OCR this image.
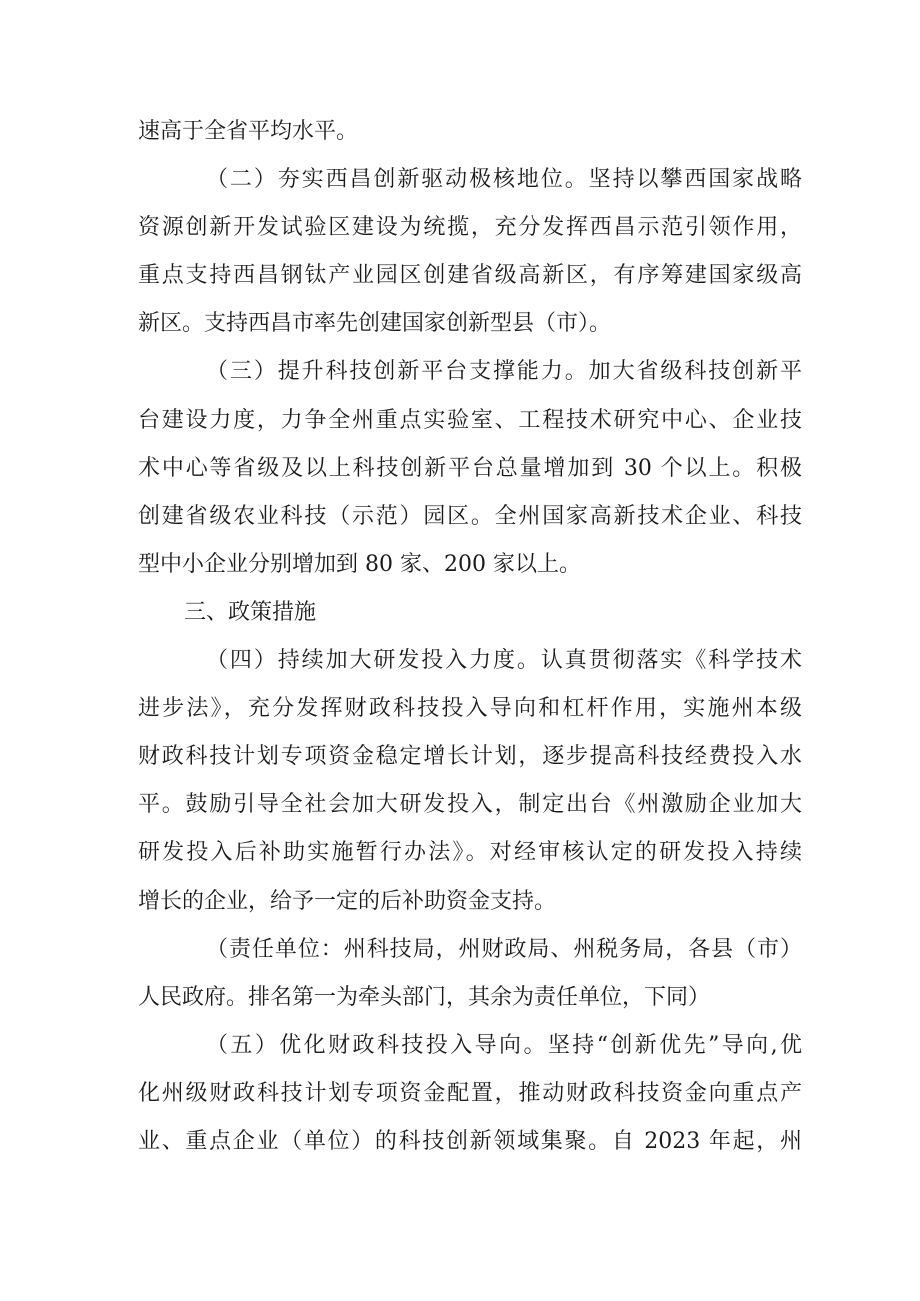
速高于全省平均水平。
（二）夯实西昌创新驱动极核地位。坚持以攀西国家战略
资源创新开发试验区建设为统揽，充分发挥西昌示范引领作用，
重点支持西昌钢钛产业园区创建省级高新区，有序筹建国家级高
新区。支持西昌市率先创建国家创新型县（市）。
（三）提升科技创新平台支撑能力。加大省级科技创新平
台建设力度，力争全州重点实验室、工程技术研究中心、企业技
术中心等省级及以上科技创新平台总量增加到 30 个以上。积极
创建省级农业科技（示范）园区。全州国家高新技术企业、科技
型中小企业分别增加到 80 家、200 家以上。
三、政策措施
（四）持续加大研发投入力度。认真贯彻落实《科学技术
进步法》，充分发挥财政科技投入导向和杠杆作用，实施州本级
财政科技计划专项资金稳定增长计划，逐步提高科技经费投入水
平。鼓励引导全社会加大研发投入，制定出台《州激励企业加大
研发投入后补助实施暂行办法》。对经审核认定的研发投入持续
增长的企业，给予一定的后补助资金支持。
（责任单位：州科技局，州财政局、州税务局，各县（市）
人民政府。排名第一为牵头部门，其余为责任单位，下同）
（五）优化财政科技投入导向。坚持“创新优先”导向,优
化州级财政科技计划专项资金配置，推动财政科技资金向重点产
业、重点企业（单位）的科技创新领域集聚。自 2023 年起，州
